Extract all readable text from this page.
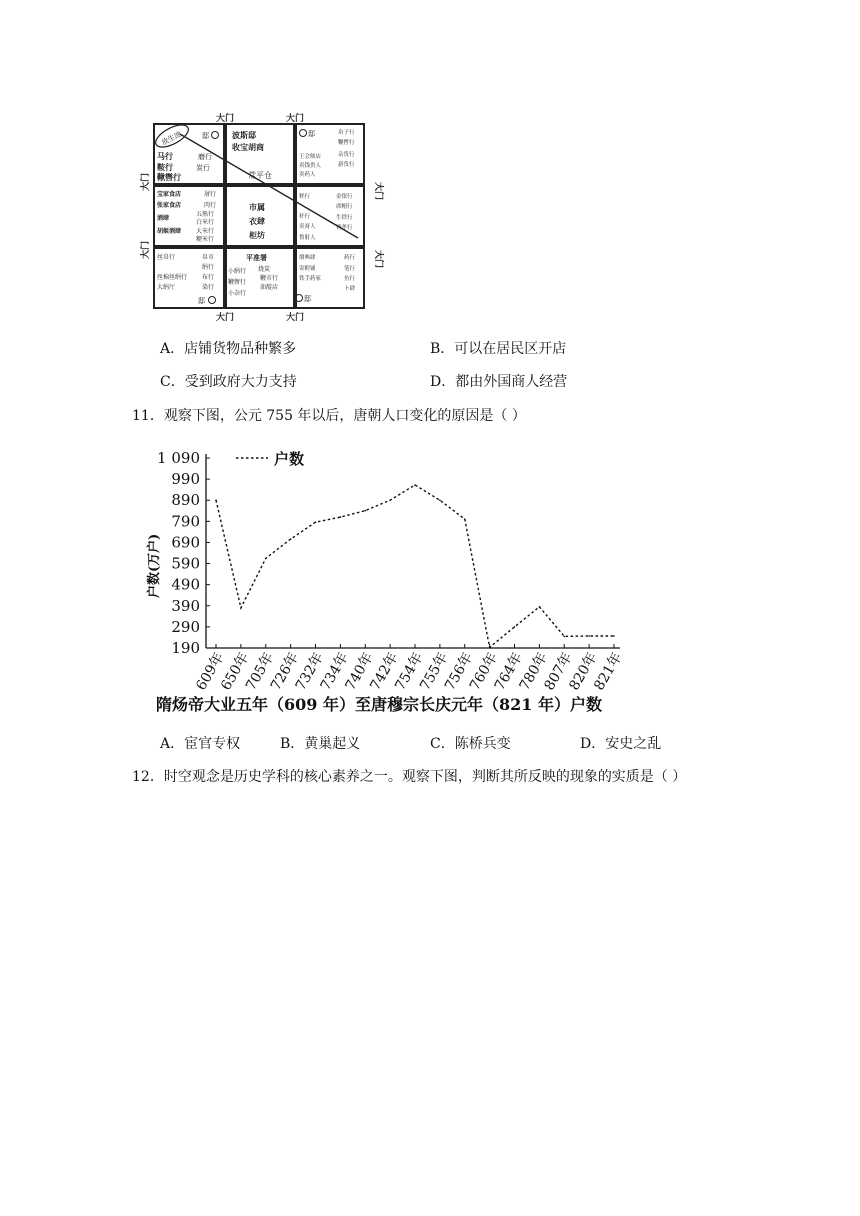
大门	大门
大门	大门
大门
大门
大门
大门
放生池	邸
马行	磨行
鞍行	炭行
鞦辔行
波斯邸
收宝胡商
常平仓
邸	帛子行
鞭辔行
王会师店	杂货行
卖钱贵人	新货行
卖药人
宝家食店	屠行
张家食店	肉行
五熟行
酒肆
白米行
胡姬酒肆 大米行
粳米行
市属
衣肆
柜坊
秤行	金银行
席帽行
杆行	生铁行
卖膏人	铛斧行
鲁射人
丝帛行	帛市
绢行
丝棉丝绢行 布行
大绢厅	染行
邸
平准署
小绢行 烧炭
鞭辔行
鞭市行
小杂行
油靛店
墳典肆	药行
寄附铺	笔行
铁手药家	鱼行
卜肆
邸
A．店铺货物品种繁多	B．可以在居民区开店
C．受到政府大力支持	D．都由外国商人经营
11．观察下图，公元 755 年以后，唐朝人口变化的原因是（ ）
1 090
990
890
790
690
590
490
390
290
190
609年
650年
705年
726年
732年
734年
740年
742年
754年
755年
756年
760年
764年
780年
807年
820年
821年
户数(万户)
户数
隋炀帝大业五年（609 年）至唐穆宗长庆元年（821 年）户数
A．宦官专权	B．黄巢起义	C．陈桥兵变	D．安史之乱
12．时空观念是历史学科的核心素养之一。观察下图，判断其所反映的现象的实质是（ ）
